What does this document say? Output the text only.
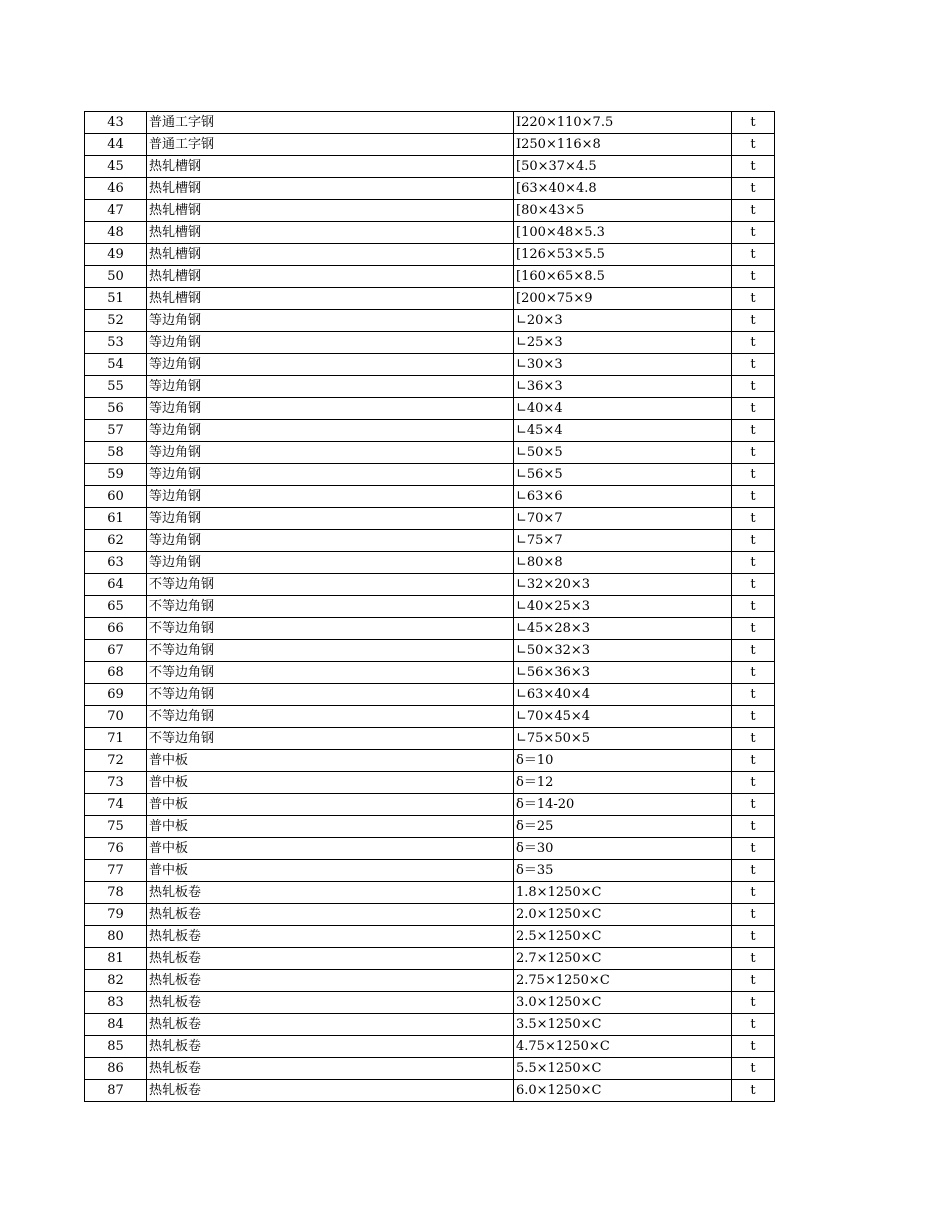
43	普通工字钢	I220×110×7.5	t
44	普通工字钢	I250×116×8	t
45	热轧槽钢	[50×37×4.5	t
46	热轧槽钢	[63×40×4.8	t
47	热轧槽钢	[80×43×5	t
48	热轧槽钢	[100×48×5.3	t
49	热轧槽钢	[126×53×5.5	t
50	热轧槽钢	[160×65×8.5	t
51	热轧槽钢	[200×75×9	t
52	等边角钢	∟20×3	t
53	等边角钢	∟25×3	t
54	等边角钢	∟30×3	t
55	等边角钢	∟36×3	t
56	等边角钢	∟40×4	t
57	等边角钢	∟45×4	t
58	等边角钢	∟50×5	t
59	等边角钢	∟56×5	t
60	等边角钢	∟63×6	t
61	等边角钢	∟70×7	t
62	等边角钢	∟75×7	t
63	等边角钢	∟80×8	t
64	不等边角钢	∟32×20×3	t
65	不等边角钢	∟40×25×3	t
66	不等边角钢	∟45×28×3	t
67	不等边角钢	∟50×32×3	t
68	不等边角钢	∟56×36×3	t
69	不等边角钢	∟63×40×4	t
70	不等边角钢	∟70×45×4	t
71	不等边角钢	∟75×50×5	t
72	普中板	δ＝10	t
73	普中板	δ＝12	t
74	普中板	δ＝14-20	t
75	普中板	δ＝25	t
76	普中板	δ＝30	t
77	普中板	δ＝35	t
78	热轧板卷	1.8×1250×C	t
79	热轧板卷	2.0×1250×C	t
80	热轧板卷	2.5×1250×C	t
81	热轧板卷	2.7×1250×C	t
82	热轧板卷	2.75×1250×C	t
83	热轧板卷	3.0×1250×C	t
84	热轧板卷	3.5×1250×C	t
85	热轧板卷	4.75×1250×C	t
86	热轧板卷	5.5×1250×C	t
87	热轧板卷	6.0×1250×C	t
